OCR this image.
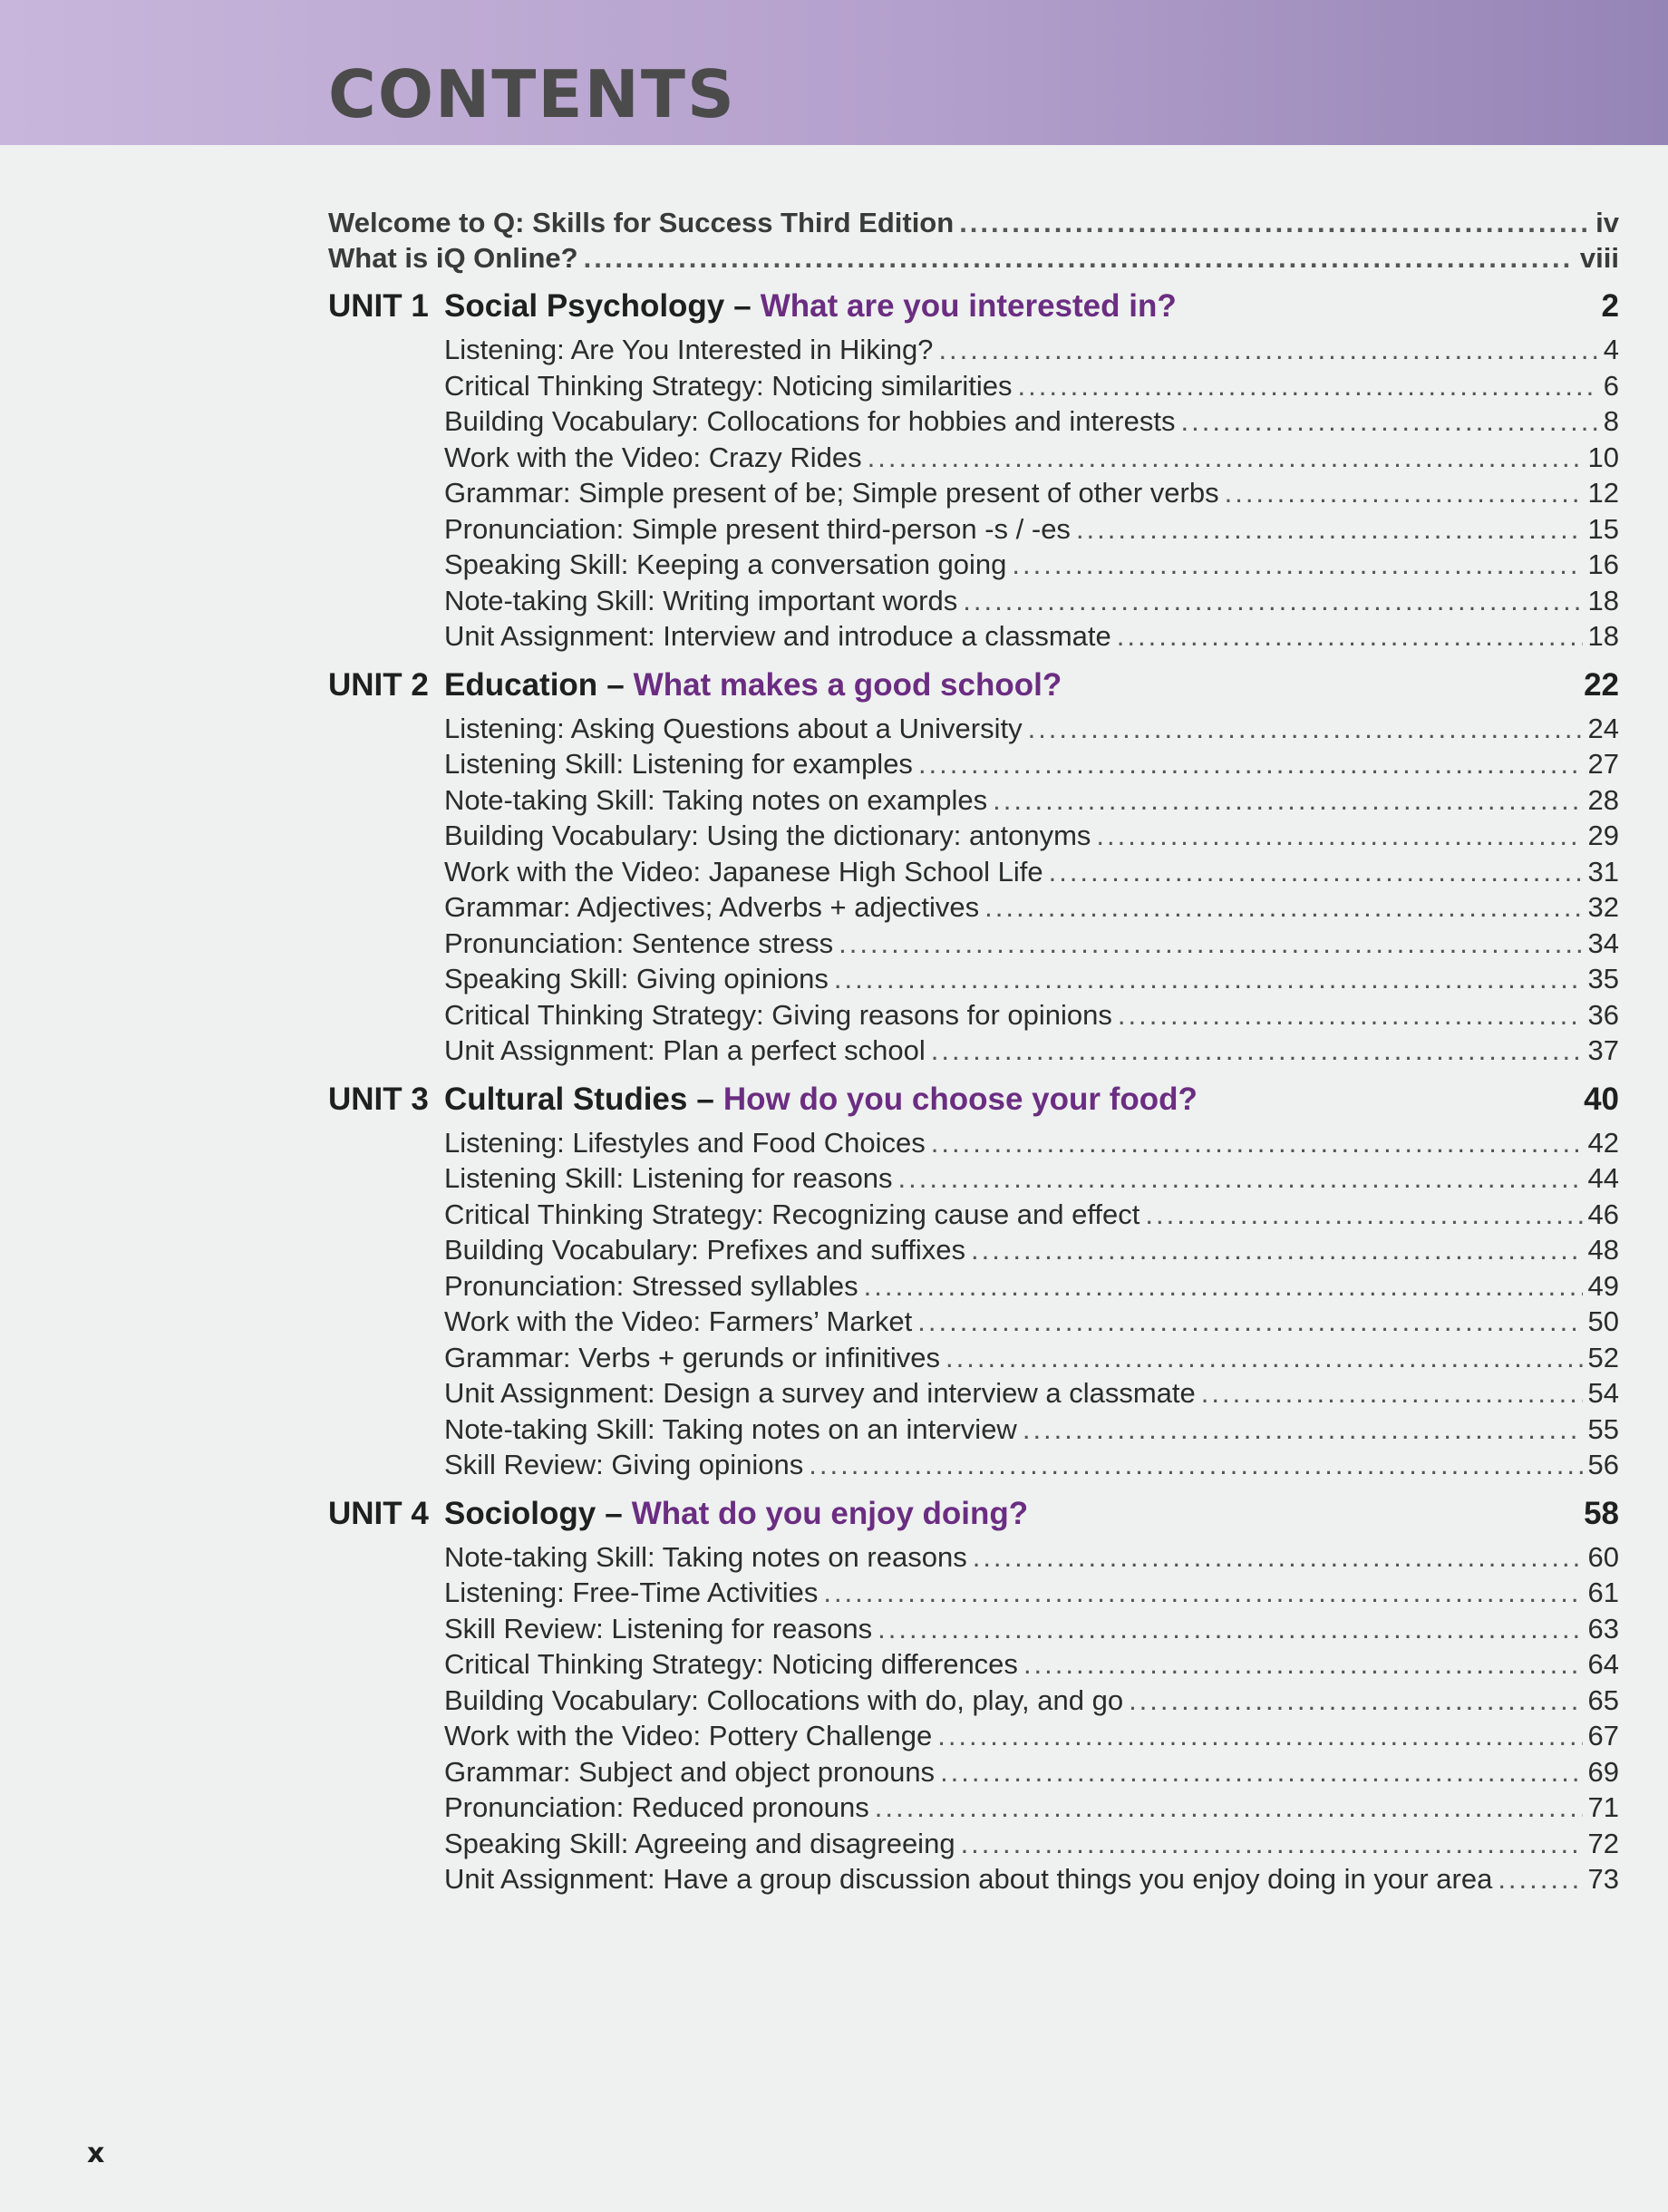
CONTENTS
Welcome to Q: Skills for Success Third Edition .....	iv
What is iQ Online? .....	viii
UNIT 1 Social Psychology – What are you interested in?	2
Listening: Are You Interested in Hiking? .....	4
Critical Thinking Strategy: Noticing similarities .....	6
Building Vocabulary: Collocations for hobbies and interests .....	8
Work with the Video: Crazy Rides .....	10
Grammar: Simple present of be; Simple present of other verbs .....	12
Pronunciation: Simple present third-person -s / -es .....	15
Speaking Skill: Keeping a conversation going .....	16
Note-taking Skill: Writing important words .....	18
Unit Assignment: Interview and introduce a classmate .....	18
UNIT 2 Education – What makes a good school?	22
Listening: Asking Questions about a University .....	24
Listening Skill: Listening for examples .....	27
Note-taking Skill: Taking notes on examples .....	28
Building Vocabulary: Using the dictionary: antonyms .....	29
Work with the Video: Japanese High School Life .....	31
Grammar: Adjectives; Adverbs + adjectives .....	32
Pronunciation: Sentence stress .....	34
Speaking Skill: Giving opinions .....	35
Critical Thinking Strategy: Giving reasons for opinions .....	36
Unit Assignment: Plan a perfect school .....	37
UNIT 3 Cultural Studies – How do you choose your food?	40
Listening: Lifestyles and Food Choices .....	42
Listening Skill: Listening for reasons .....	44
Critical Thinking Strategy: Recognizing cause and effect .....	46
Building Vocabulary: Prefixes and suffixes .....	48
Pronunciation: Stressed syllables .....	49
Work with the Video: Farmers’ Market .....	50
Grammar: Verbs + gerunds or infinitives .....	52
Unit Assignment: Design a survey and interview a classmate .....	54
Note-taking Skill: Taking notes on an interview .....	55
Skill Review: Giving opinions .....	56
UNIT 4 Sociology – What do you enjoy doing?	58
Note-taking Skill: Taking notes on reasons .....	60
Listening: Free-Time Activities .....	61
Skill Review: Listening for reasons .....	63
Critical Thinking Strategy: Noticing differences .....	64
Building Vocabulary: Collocations with do, play, and go .....	65
Work with the Video: Pottery Challenge .....	67
Grammar: Subject and object pronouns .....	69
Pronunciation: Reduced pronouns .....	71
Speaking Skill: Agreeing and disagreeing .....	72
Unit Assignment: Have a group discussion about things you enjoy doing in your area .....	73
x
